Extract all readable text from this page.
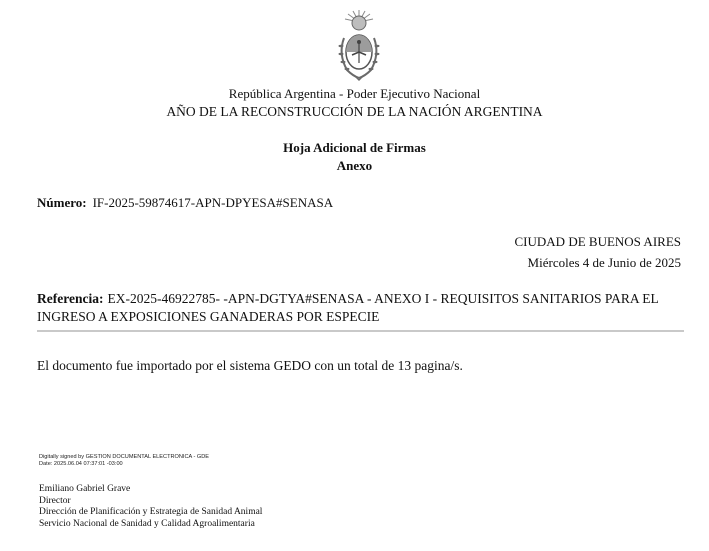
República Argentina - Poder Ejecutivo Nacional
AÑO DE LA RECONSTRUCCIÓN DE LA NACIÓN ARGENTINA
Hoja Adicional de Firmas
Anexo
Número: IF-2025-59874617-APN-DPYESA#SENASA
CIUDAD DE BUENOS AIRES
Miércoles 4 de Junio de 2025
Referencia: EX-2025-46922785- -APN-DGTYA#SENASA - ANEXO I - REQUISITOS SANITARIOS PARA EL INGRESO A EXPOSICIONES GANADERAS POR ESPECIE
El documento fue importado por el sistema GEDO con un total de 13 pagina/s.
Digitally signed by GESTION DOCUMENTAL ELECTRONICA - GDE
Date: 2025.06.04 07:37:01 -03:00
Emiliano Gabriel Grave
Director
Dirección de Planificación y Estrategia de Sanidad Animal
Servicio Nacional de Sanidad y Calidad Agroalimentaria
